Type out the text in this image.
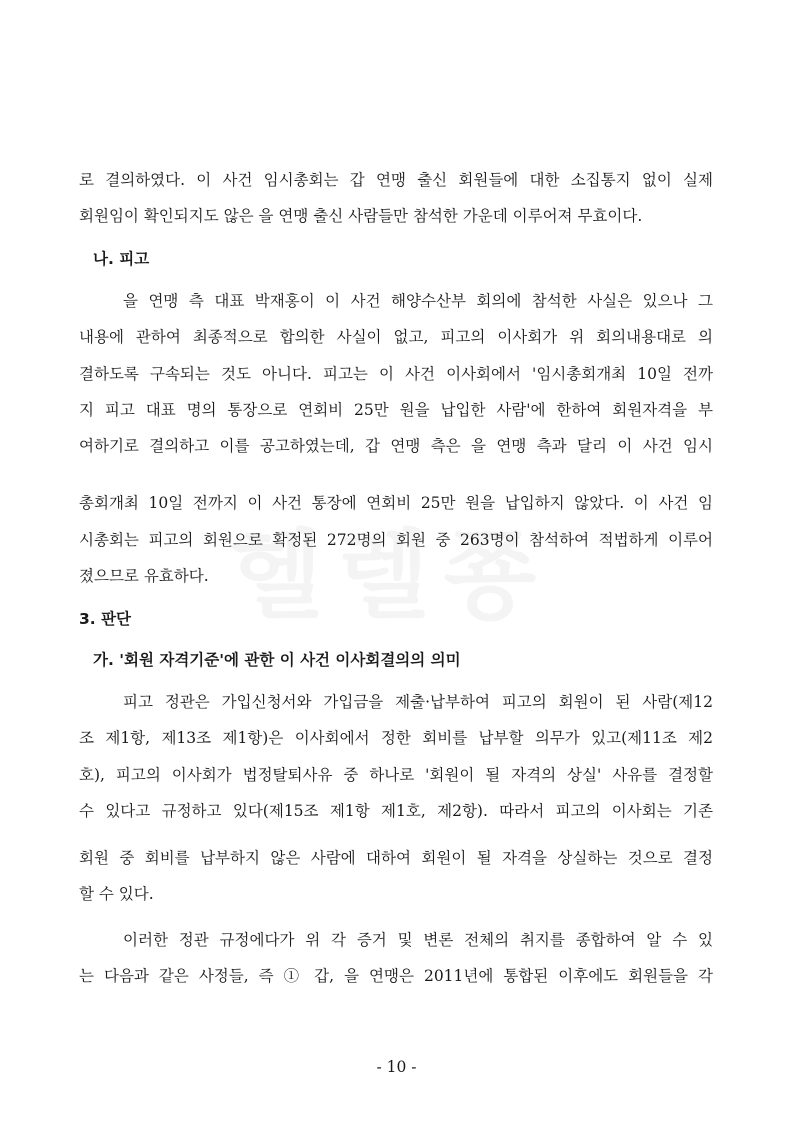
로 결의하였다. 이 사건 임시총회는 갑 연맹 출신 회원들에 대한 소집통지 없이 실제
회원임이 확인되지도 않은 을 연맹 출신 사람들만 참석한 가운데 이루어져 무효이다.
나. 피고
을 연맹 측 대표 박재홍이 이 사건 해양수산부 회의에 참석한 사실은 있으나 그
내용에 관하여 최종적으로 합의한 사실이 없고, 피고의 이사회가 위 회의내용대로 의
결하도록 구속되는 것도 아니다. 피고는 이 사건 이사회에서 '임시총회개최 10일 전까
지 피고 대표 명의 통장으로 연회비 25만 원을 납입한 사람'에 한하여 회원자격을 부
여하기로 결의하고 이를 공고하였는데, 갑 연맹 측은 을 연맹 측과 달리 이 사건 임시
총회개최 10일 전까지 이 사건 통장에 연회비 25만 원을 납입하지 않았다. 이 사건 임
시총회는 피고의 회원으로 확정된 272명의 회원 중 263명이 참석하여 적법하게 이루어
졌으므로 유효하다.
3. 판단
가. '회원 자격기준'에 관한 이 사건 이사회결의의 의미
피고 정관은 가입신청서와 가입금을 제출·납부하여 피고의 회원이 된 사람(제12
조 제1항, 제13조 제1항)은 이사회에서 정한 회비를 납부할 의무가 있고(제11조 제2
호), 피고의 이사회가 법정탈퇴사유 중 하나로 '회원이 될 자격의 상실' 사유를 결정할
수 있다고 규정하고 있다(제15조 제1항 제1호, 제2항). 따라서 피고의 이사회는 기존
회원 중 회비를 납부하지 않은 사람에 대하여 회원이 될 자격을 상실하는 것으로 결정
할 수 있다.
이러한 정관 규정에다가 위 각 증거 및 변론 전체의 취지를 종합하여 알 수 있
는 다음과 같은 사정들, 즉 ① 갑, 을 연맹은 2011년에 통합된 이후에도 회원들을 각
- 10 -
